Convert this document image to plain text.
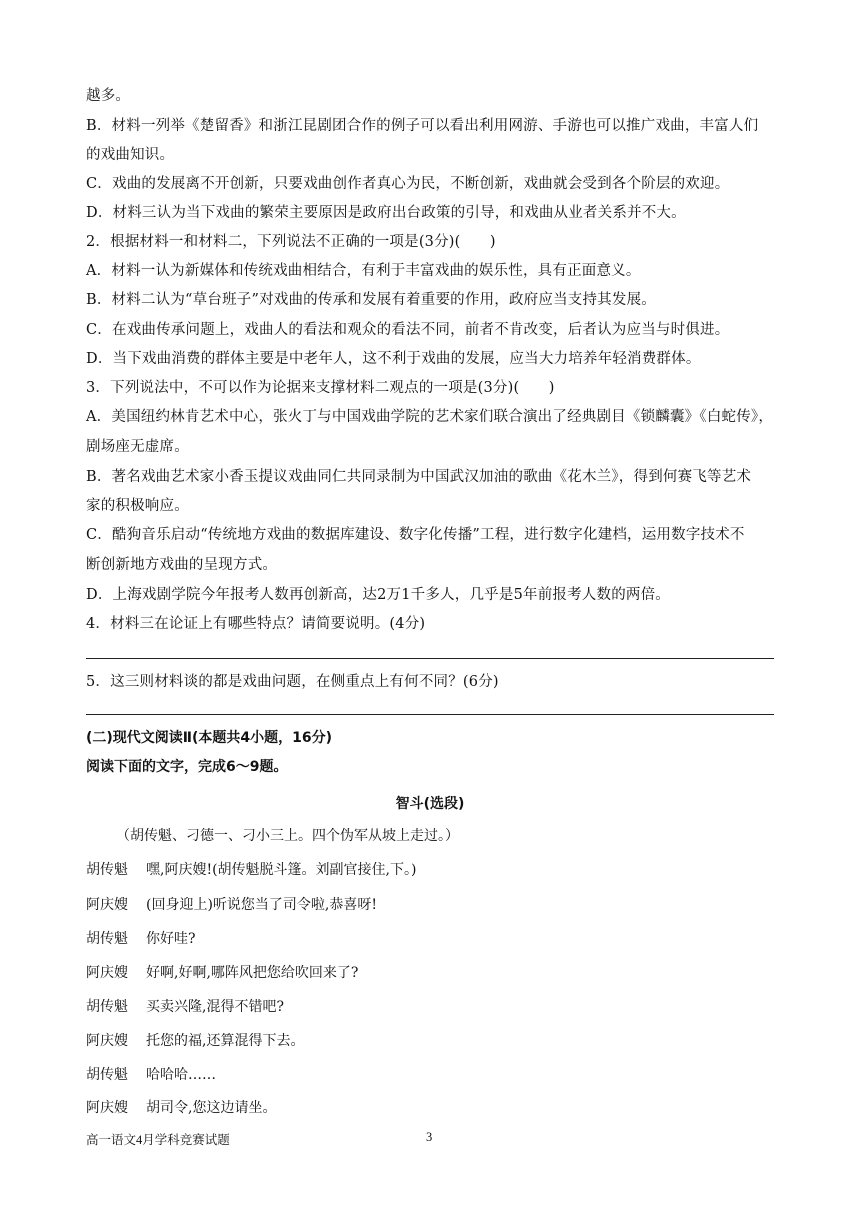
越多。
B．材料一列举《楚留香》和浙江昆剧团合作的例子可以看出利用网游、手游也可以推广戏曲，丰富人们
的戏曲知识。
C．戏曲的发展离不开创新，只要戏曲创作者真心为民，不断创新，戏曲就会受到各个阶层的欢迎。
D．材料三认为当下戏曲的繁荣主要原因是政府出台政策的引导，和戏曲从业者关系并不大。
2．根据材料一和材料二，下列说法不正确的一项是(3分)(　　)
A．材料一认为新媒体和传统戏曲相结合，有利于丰富戏曲的娱乐性，具有正面意义。
B．材料二认为“草台班子”对戏曲的传承和发展有着重要的作用，政府应当支持其发展。
C．在戏曲传承问题上，戏曲人的看法和观众的看法不同，前者不肯改变，后者认为应当与时俱进。
D．当下戏曲消费的群体主要是中老年人，这不利于戏曲的发展，应当大力培养年轻消费群体。
3．下列说法中，不可以作为论据来支撑材料二观点的一项是(3分)(　　)
A．美国纽约林肯艺术中心，张火丁与中国戏曲学院的艺术家们联合演出了经典剧目《锁麟囊》《白蛇传》，
剧场座无虚席。
B．著名戏曲艺术家小香玉提议戏曲同仁共同录制为中国武汉加油的歌曲《花木兰》，得到何赛飞等艺术
家的积极响应。
C．酷狗音乐启动“传统地方戏曲的数据库建设、数字化传播”工程，进行数字化建档，运用数字技术不
断创新地方戏曲的呈现方式。
D．上海戏剧学院今年报考人数再创新高，达2万1千多人，几乎是5年前报考人数的两倍。
4．材料三在论证上有哪些特点？请简要说明。(4分)
5．这三则材料谈的都是戏曲问题，在侧重点上有何不同？(6分)
(二)现代文阅读Ⅱ(本题共4小题，16分)
阅读下面的文字，完成6～9题。
智斗(选段)
（胡传魁、刁德一、刁小三上。四个伪军从坡上走过。）
胡传魁 嘿,阿庆嫂!(胡传魁脱斗篷。刘副官接住,下。)
阿庆嫂 (回身迎上)听说您当了司令啦,恭喜呀!
胡传魁 你好哇?
阿庆嫂 好啊,好啊,哪阵风把您给吹回来了?
胡传魁 买卖兴隆,混得不错吧?
阿庆嫂 托您的福,还算混得下去。
胡传魁 哈哈哈……
阿庆嫂 胡司令,您这边请坐。
高一语文4月学科竞赛试题	3
